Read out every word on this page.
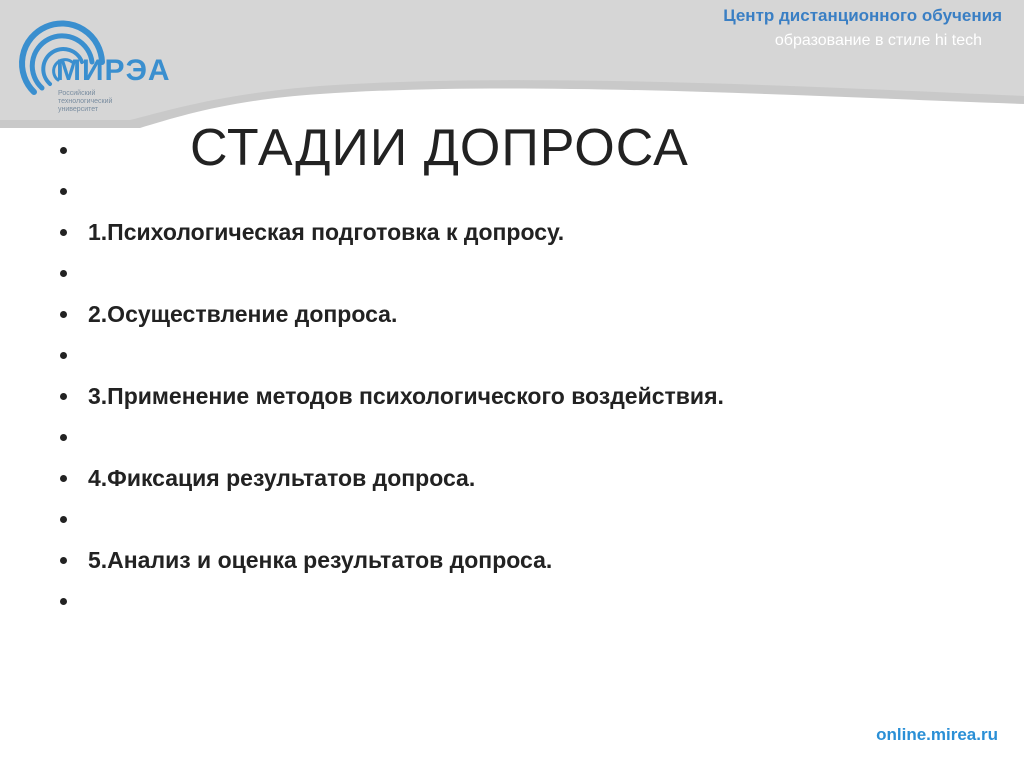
МИРЭА
Российский
технологический
университет
Центр дистанционного обучения
образование в стиле hi tech
СТАДИИ ДОПРОСА
1.Психологическая подготовка к допросу.
2.Осуществление допроса.
3.Применение методов психологического воздействия.
4.Фиксация результатов допроса.
5.Анализ и оценка результатов допроса.
online.mirea.ru
